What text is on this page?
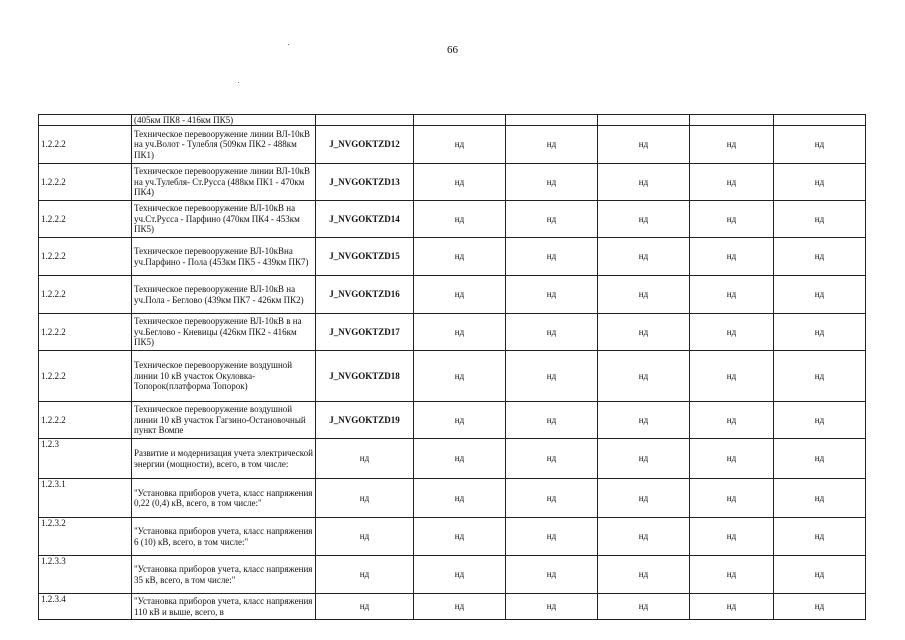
66
	(405км ПК8 - 416км ПК5)						
1.2.2.2	Техническое перевооружение линии ВЛ-10кВ на уч.Волот - Тулебля (509км ПК2 - 488км ПК1)	J_NVGOKTZD12	нд	нд	нд	нд	нд
1.2.2.2	Техническое перевооружение линии ВЛ-10кВ на уч.Тулебля- Ст.Русса (488км ПК1 - 470км ПК4)	J_NVGOKTZD13	нд	нд	нд	нд	нд
1.2.2.2	Техническое перевооружение ВЛ-10кВ на уч.Ст.Русса - Парфино (470км ПК4 - 453км ПК5)	J_NVGOKTZD14	нд	нд	нд	нд	нд
1.2.2.2	Техническое перевооружение ВЛ-10кВна уч.Парфино - Пола (453км ПК5 - 439км ПК7)	J_NVGOKTZD15	нд	нд	нд	нд	нд
1.2.2.2	Техническое перевооружение ВЛ-10кВ на уч.Пола - Беглово (439км ПК7 - 426км ПК2)	J_NVGOKTZD16	нд	нд	нд	нд	нд
1.2.2.2	Техническое перевооружение ВЛ-10кВ в на уч.Беглово - Кневицы (426км ПК2 - 416км ПК5)	J_NVGOKTZD17	нд	нд	нд	нд	нд
1.2.2.2	Техническое перевооружение воздушной линии 10 кВ участок Окуловка-Топорок(платформа Топорок)	J_NVGOKTZD18	нд	нд	нд	нд	нд
1.2.2.2	Техническое перевооружение воздушной линии 10 кВ участок Гагзино-Остановочный пункт Вомпе	J_NVGOKTZD19	нд	нд	нд	нд	нд
1.2.3	Развитие и модернизация учета электрической энергии (мощности), всего, в том числе:	нд	нд	нд	нд	нд	нд
1.2.3.1	"Установка приборов учета, класс напряжения 0,22 (0,4) кВ, всего, в том числе:"	нд	нд	нд	нд	нд	нд
1.2.3.2	"Установка приборов учета, класс напряжения 6 (10) кВ, всего, в том числе:"	нд	нд	нд	нд	нд	нд
1.2.3.3	"Установка приборов учета, класс напряжения 35 кВ, всего, в том числе:"	нд	нд	нд	нд	нд	нд
1.2.3.4	"Установка приборов учета, класс напряжения 110 кВ и выше, всего, в	нд	нд	нд	нд	нд	нд
